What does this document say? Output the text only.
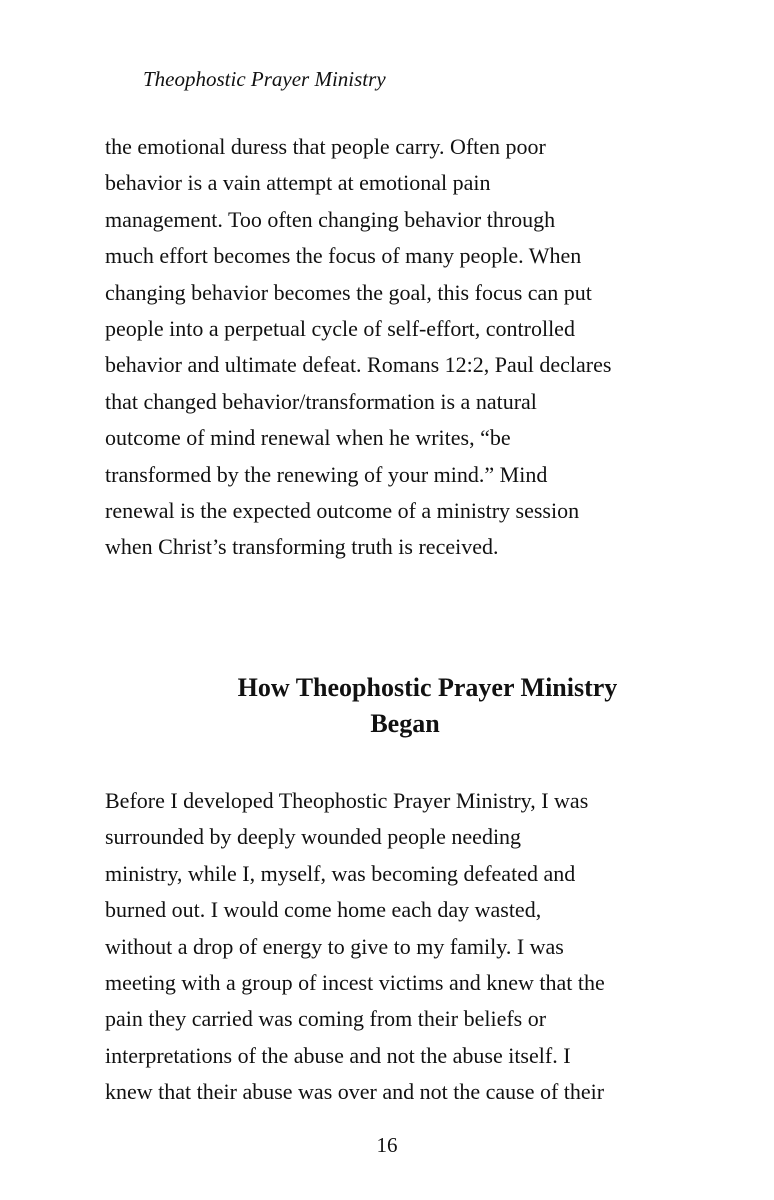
Theophostic Prayer Ministry
the emotional duress that people carry. Often poor
behavior is a vain attempt at emotional pain
management. Too often changing behavior through
much effort becomes the focus of many people. When
changing behavior becomes the goal, this focus can put
people into a perpetual cycle of self-effort, controlled
behavior and ultimate defeat. Romans 12:2, Paul declares
that changed behavior/transformation is a natural
outcome of mind renewal when he writes, “be
transformed by the renewing of your mind.” Mind
renewal is the expected outcome of a ministry session
when Christ’s transforming truth is received.
How Theophostic Prayer Ministry
Began
Before I developed Theophostic Prayer Ministry, I was
surrounded by deeply wounded people needing
ministry, while I, myself, was becoming defeated and
burned out. I would come home each day wasted,
without a drop of energy to give to my family. I was
meeting with a group of incest victims and knew that the
pain they carried was coming from their beliefs or
interpretations of the abuse and not the abuse itself. I
knew that their abuse was over and not the cause of their
16
